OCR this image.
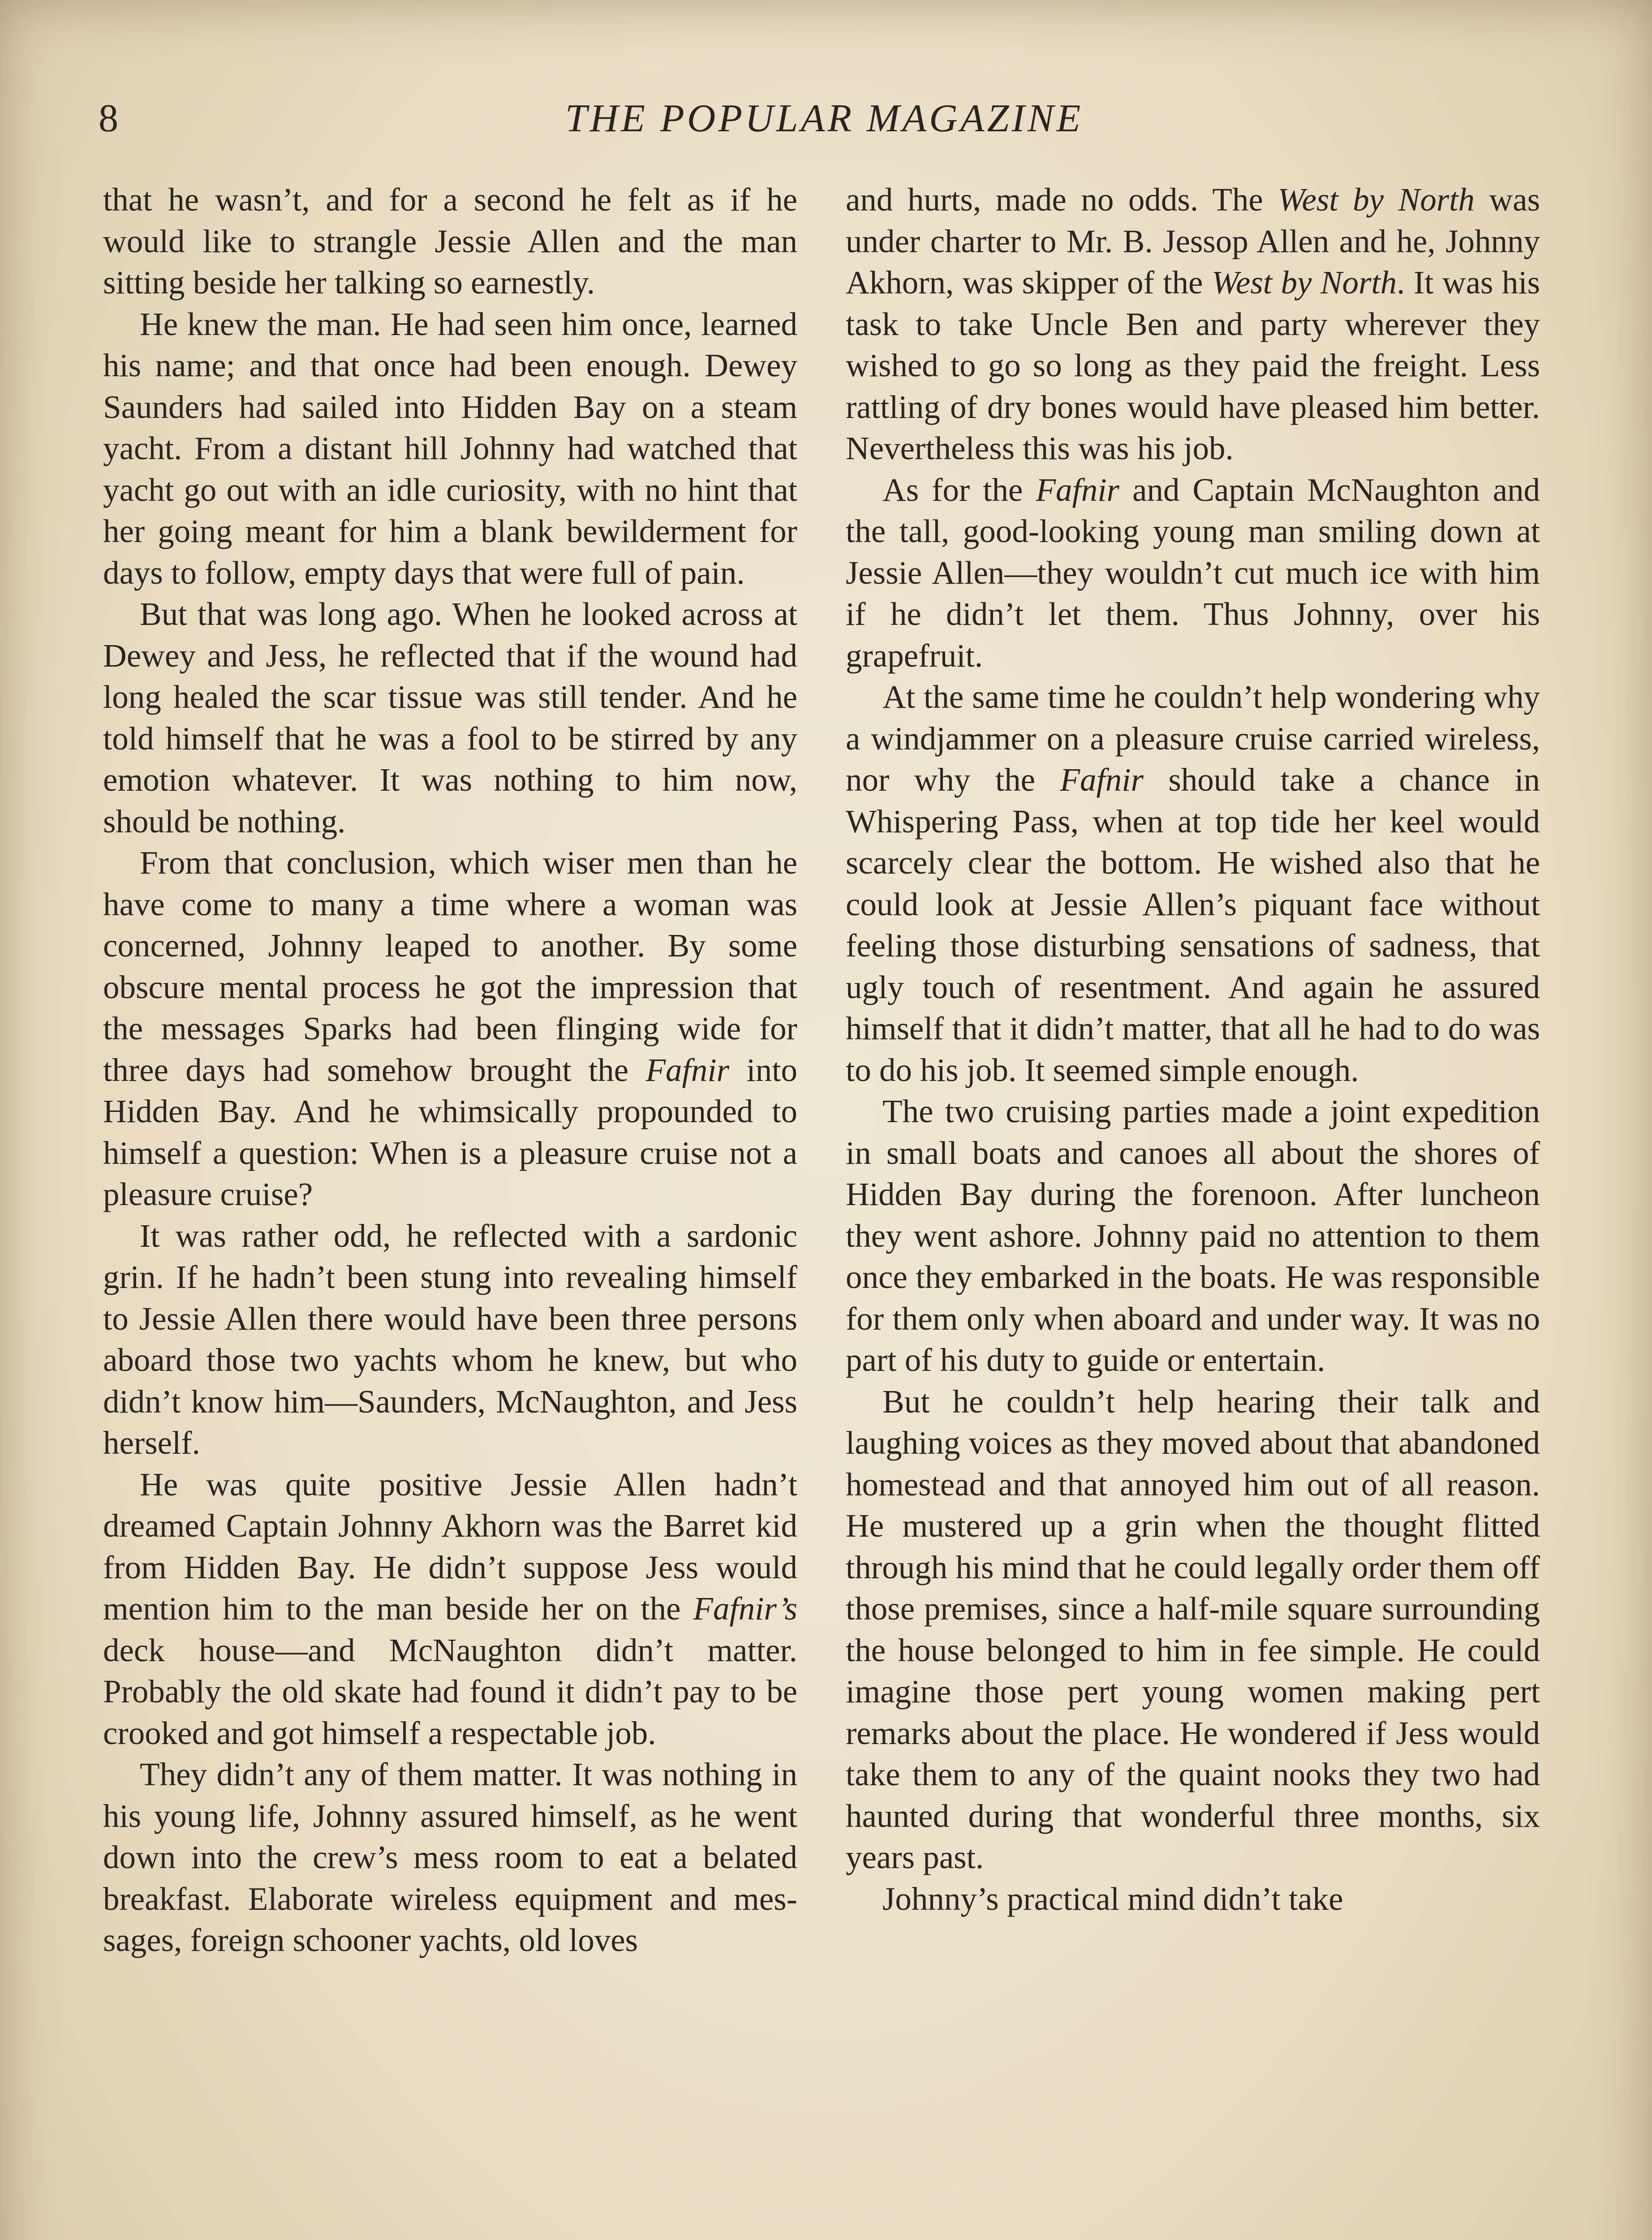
8	THE POPULAR MAGAZINE

that he wasn’t, and for a second he felt as if he would like to strangle Jessie Allen and the man sitting beside her talking so earnestly.

He knew the man. He had seen him once, learned his name; and that once had been enough. Dewey Saunders had sailed into Hidden Bay on a steam yacht. From a distant hill Johnny had watched that yacht go out with an idle curiosity, with no hint that her going meant for him a blank bewilderment for days to follow, empty days that were full of pain.

But that was long ago. When he looked across at Dewey and Jess, he reflected that if the wound had long healed the scar tissue was still tender. And he told himself that he was a fool to be stirred by any emotion whatever. It was nothing to him now, should be nothing.

From that conclusion, which wiser men than he have come to many a time where a woman was concerned, Johnny leaped to another. By some obscure mental process he got the impression that the messages Sparks had been flinging wide for three days had somehow brought the Fafnir into Hidden Bay. And he whimsically propounded to himself a question: When is a pleasure cruise not a pleasure cruise?

It was rather odd, he reflected with a sardonic grin. If he hadn’t been stung into revealing himself to Jessie Allen there would have been three persons aboard those two yachts whom he knew, but who didn’t know him—Saunders, McNaughton, and Jess herself.

He was quite positive Jessie Allen hadn’t dreamed Captain Johnny Akhorn was the Barret kid from Hidden Bay. He didn’t suppose Jess would mention him to the man beside her on the Fafnir’s deck house—and McNaughton didn’t matter. Probably the old skate had found it didn’t pay to be crooked and got himself a respectable job.

They didn’t any of them matter. It was nothing in his young life, Johnny assured himself, as he went down into the crew’s mess room to eat a belated breakfast. Elaborate wireless equipment and messages, foreign schooner yachts, old loves

and hurts, made no odds. The West by North was under charter to Mr. B. Jessop Allen and he, Johnny Akhorn, was skipper of the West by North. It was his task to take Uncle Ben and party wherever they wished to go so long as they paid the freight. Less rattling of dry bones would have pleased him better. Nevertheless this was his job.

As for the Fafnir and Captain McNaughton and the tall, good-looking young man smiling down at Jessie Allen—they wouldn’t cut much ice with him if he didn’t let them. Thus Johnny, over his grapefruit.

At the same time he couldn’t help wondering why a windjammer on a pleasure cruise carried wireless, nor why the Fafnir should take a chance in Whispering Pass, when at top tide her keel would scarcely clear the bottom. He wished also that he could look at Jessie Allen’s piquant face without feeling those disturbing sensations of sadness, that ugly touch of resentment. And again he assured himself that it didn’t matter, that all he had to do was to do his job. It seemed simple enough.

The two cruising parties made a joint expedition in small boats and canoes all about the shores of Hidden Bay during the forenoon. After luncheon they went ashore. Johnny paid no attention to them once they embarked in the boats. He was responsible for them only when aboard and under way. It was no part of his duty to guide or entertain.

But he couldn’t help hearing their talk and laughing voices as they moved about that abandoned homestead and that annoyed him out of all reason. He mustered up a grin when the thought flitted through his mind that he could legally order them off those premises, since a half-mile square surrounding the house belonged to him in fee simple. He could imagine those pert young women making pert remarks about the place. He wondered if Jess would take them to any of the quaint nooks they two had haunted during that wonderful three months, six years past.

Johnny’s practical mind didn’t take
